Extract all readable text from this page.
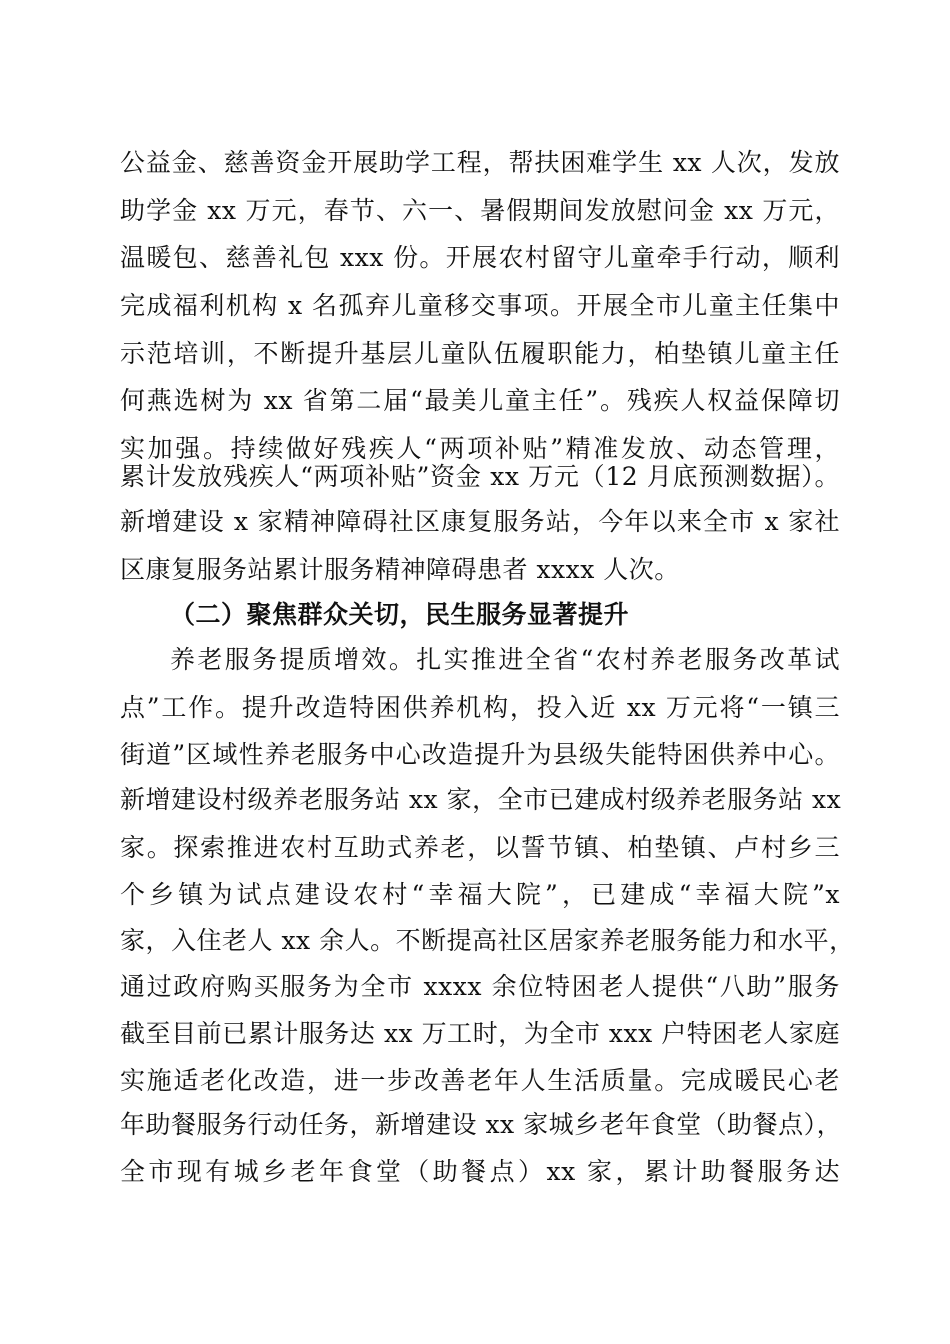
公益金、慈善资金开展助学工程，帮扶困难学生 xx 人次，发放
助学金 xx 万元，春节、六一、暑假期间发放慰问金 xx 万元，
温暖包、慈善礼包 xxx 份。开展农村留守儿童牵手行动，顺利
完成福利机构 x 名孤弃儿童移交事项。开展全市儿童主任集中
示范培训，不断提升基层儿童队伍履职能力，柏垫镇儿童主任
何燕选树为 xx 省第二届“最美儿童主任”。残疾人权益保障切
实加强。持续做好残疾人“两项补贴”精准发放、动态管理，
累计发放残疾人“两项补贴”资金 xx 万元（12 月底预测数据）。
新增建设 x 家精神障碍社区康复服务站，今年以来全市 x 家社
区康复服务站累计服务精神障碍患者 xxxx 人次。
（二）聚焦群众关切，民生服务显著提升
养老服务提质增效。扎实推进全省“农村养老服务改革试
点”工作。提升改造特困供养机构，投入近 xx 万元将“一镇三
街道”区域性养老服务中心改造提升为县级失能特困供养中心。
新增建设村级养老服务站 xx 家，全市已建成村级养老服务站 xx
家。探索推进农村互助式养老，以誓节镇、柏垫镇、卢村乡三
个乡镇为试点建设农村“幸福大院”，已建成“幸福大院”x
家，入住老人 xx 余人。不断提高社区居家养老服务能力和水平，
通过政府购买服务为全市 xxxx 余位特困老人提供“八助”服务
截至目前已累计服务达 xx 万工时，为全市 xxx 户特困老人家庭
实施适老化改造，进一步改善老年人生活质量。完成暖民心老
年助餐服务行动任务，新增建设 xx 家城乡老年食堂（助餐点），
全市现有城乡老年食堂（助餐点）xx 家，累计助餐服务达
